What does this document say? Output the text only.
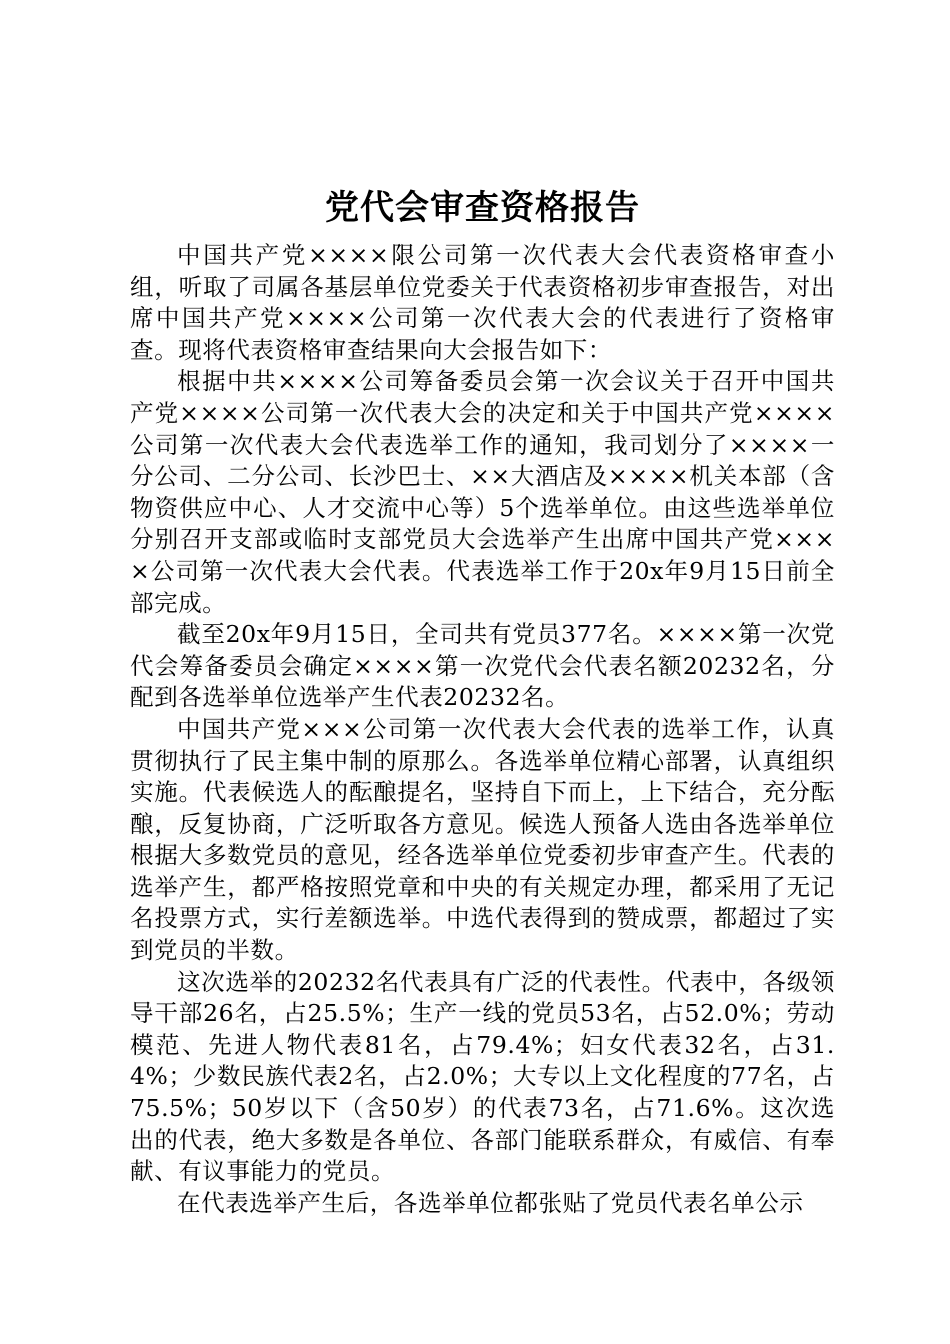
党代会审查资格报告

中国共产党××××限公司第一次代表大会代表资格审查小组，听取了司属各基层单位党委关于代表资格初步审查报告，对出席中国共产党××××公司第一次代表大会的代表进行了资格审查。现将代表资格审查结果向大会报告如下：

根据中共××××公司筹备委员会第一次会议关于召开中国共产党××××公司第一次代表大会的决定和关于中国共产党××××公司第一次代表大会代表选举工作的通知，我司划分了××××一分公司、二分公司、长沙巴士、××大酒店及××××机关本部（含物资供应中心、人才交流中心等）5个选举单位。由这些选举单位分别召开支部或临时支部党员大会选举产生出席中国共产党××××公司第一次代表大会代表。代表选举工作于20x年9月15日前全部完成。

截至20x年9月15日，全司共有党员377名。××××第一次党代会筹备委员会确定××××第一次党代会代表名额20232名，分配到各选举单位选举产生代表20232名。

中国共产党×××公司第一次代表大会代表的选举工作，认真贯彻执行了民主集中制的原那么。各选举单位精心部署，认真组织实施。代表候选人的酝酿提名，坚持自下而上，上下结合，充分酝酿，反复协商，广泛听取各方意见。候选人预备人选由各选举单位根据大多数党员的意见，经各选举单位党委初步审查产生。代表的选举产生，都严格按照党章和中央的有关规定办理，都采用了无记名投票方式，实行差额选举。中选代表得到的赞成票，都超过了实到党员的半数。

这次选举的20232名代表具有广泛的代表性。代表中，各级领导干部26名，占25.5%；生产一线的党员53名，占52.0%；劳动模范、先进人物代表81名，占79.4%；妇女代表32名，占31.4%；少数民族代表2名，占2.0%；大专以上文化程度的77名，占75.5%；50岁以下（含50岁）的代表73名，占71.6%。这次选出的代表，绝大多数是各单位、各部门能联系群众，有威信、有奉献、有议事能力的党员。

在代表选举产生后，各选举单位都张贴了党员代表名单公示
